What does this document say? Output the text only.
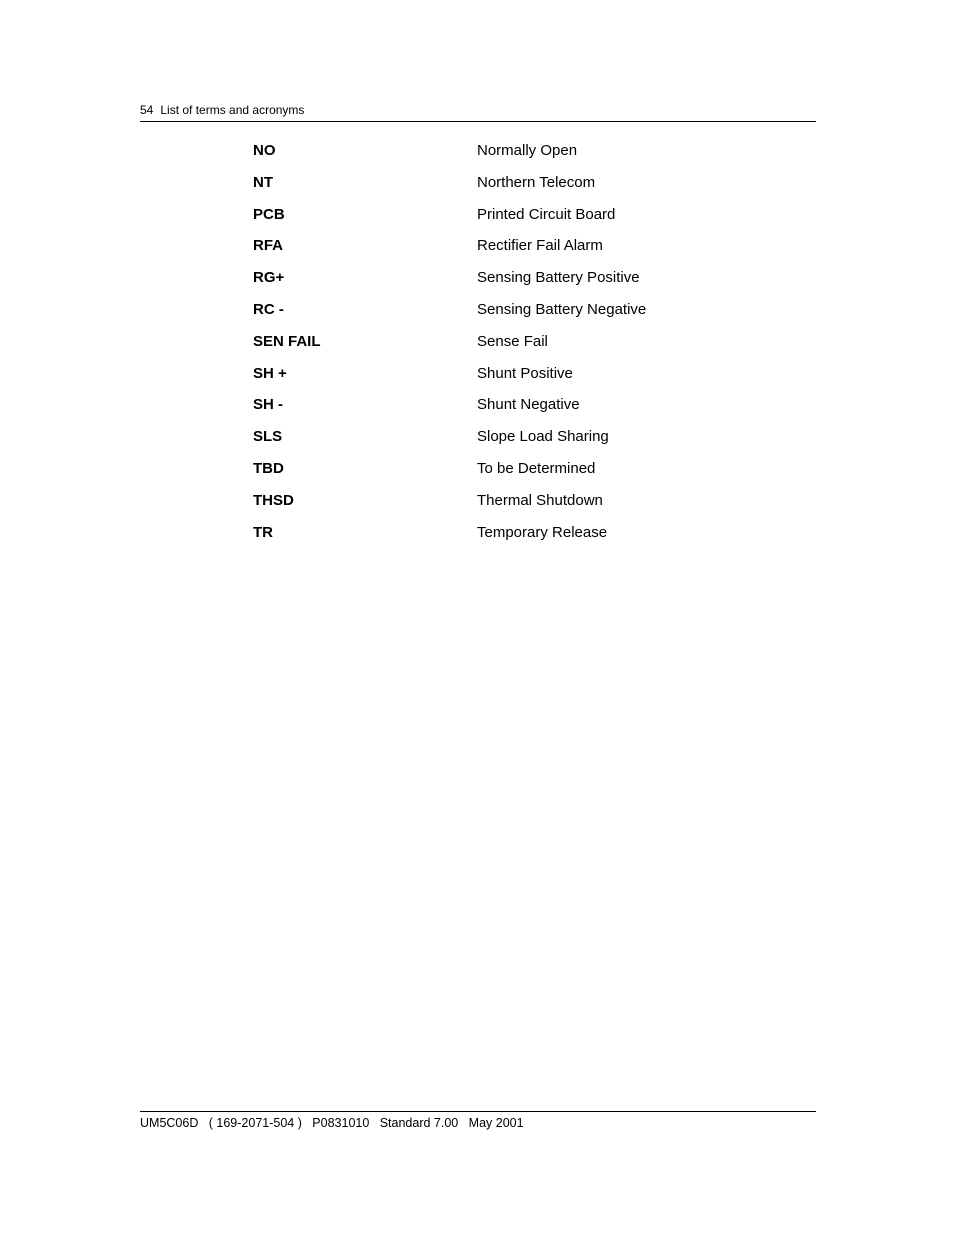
54 List of terms and acronyms
NO	Normally Open
NT	Northern Telecom
PCB	Printed Circuit Board
RFA	Rectifier Fail Alarm
RG+	Sensing Battery Positive
RC -	Sensing Battery Negative
SEN FAIL	Sense Fail
SH +	Shunt Positive
SH -	Shunt Negative
SLS	Slope Load Sharing
TBD	To be Determined
THSD	Thermal Shutdown
TR	Temporary Release
UM5C06D   ( 169-2071-504 )   P0831010   Standard 7.00   May 2001
